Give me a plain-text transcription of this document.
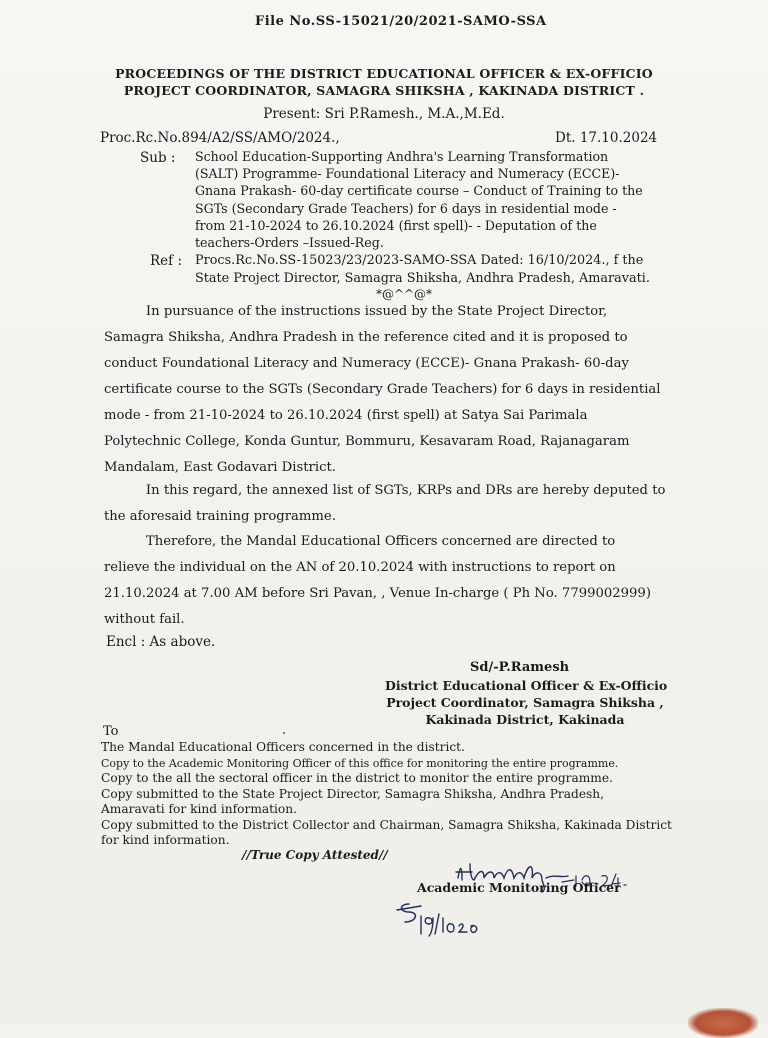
File No.SS-15021/20/2021-SAMO-SSA
PROCEEDINGS OF THE DISTRICT EDUCATIONAL OFFICER & EX-OFFICIO
PROJECT COORDINATOR, SAMAGRA SHIKSHA , KAKINADA DISTRICT .
Present: Sri P.Ramesh., M.A.,M.Ed.
Proc.Rc.No.894/A2/SS/AMO/2024.,	Dt. 17.10.2024
Sub : School Education-Supporting Andhra's Learning Transformation
(SALT) Programme- Foundational Literacy and Numeracy (ECCE)-
Gnana Prakash- 60-day certificate course – Conduct of Training to the
SGTs (Secondary Grade Teachers) for 6 days in residential mode -
from 21-10-2024 to 26.10.2024 (first spell)- - Deputation of the
teachers-Orders –Issued-Reg.
Ref : Procs.Rc.No.SS-15023/23/2023-SAMO-SSA Dated: 16/10/2024., f the
State Project Director, Samagra Shiksha, Andhra Pradesh, Amaravati.
*@^^@*
In pursuance of the instructions issued by the State Project Director,
Samagra Shiksha, Andhra Pradesh in the reference cited and it is proposed to
conduct Foundational Literacy and Numeracy (ECCE)- Gnana Prakash- 60-day
certificate course to the SGTs (Secondary Grade Teachers) for 6 days in residential
mode - from 21-10-2024 to 26.10.2024 (first spell) at Satya Sai Parimala
Polytechnic College, Konda Guntur, Bommuru, Kesavaram Road, Rajanagaram
Mandalam, East Godavari District.
In this regard, the annexed list of SGTs, KRPs and DRs are hereby deputed to
the aforesaid training programme.
Therefore, the Mandal Educational Officers concerned are directed to
relieve the individual on the AN of 20.10.2024 with instructions to report on
21.10.2024 at 7.00 AM before Sri Pavan, , Venue In-charge ( Ph No. 7799002999)
without fail.
Encl : As above.
Sd/-P.Ramesh
District Educational Officer & Ex-Officio
Project Coordinator, Samagra Shiksha ,
Kakinada District, Kakinada
To
The Mandal Educational Officers concerned in the district.
Copy to the Academic Monitoring Officer of this office for monitoring the entire programme.
Copy to the all the sectoral officer in the district to monitor the entire programme.
Copy submitted to the State Project Director, Samagra Shiksha, Andhra Pradesh,
Amaravati for kind information.
Copy submitted to the District Collector and Chairman, Samagra Shiksha, Kakinada District
for kind information.
//True Copy Attested//
Academic Monitoring Officer
